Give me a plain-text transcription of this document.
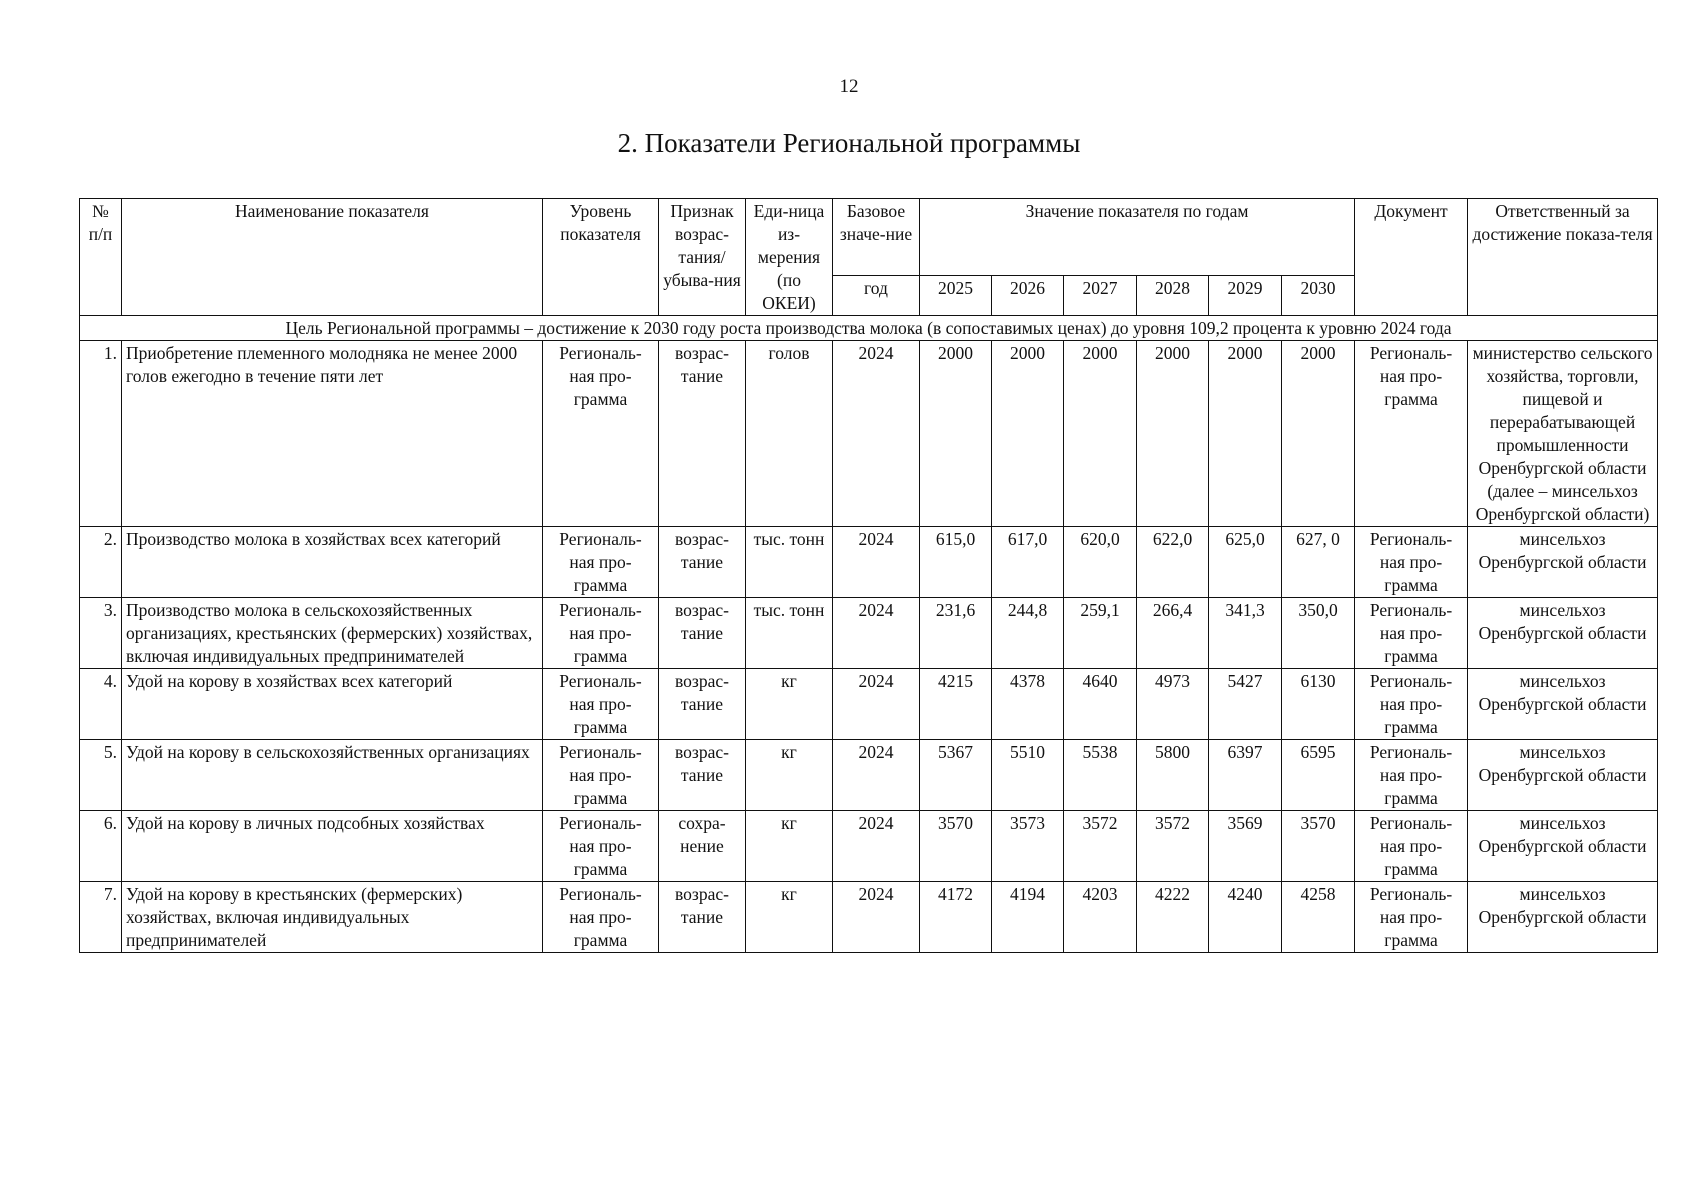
12
2. Показатели Региональной программы
№ п/п	Наименование показателя	Уровень показателя	Признак возрас-тания/ убыва-ния	Еди-ница из-мерения (по ОКЕИ)	Базовое значе-ние	Значение показателя по годам						Документ	Ответственный за достижение показа-теля
					год	2025	2026	2027	2028	2029	2030		
Цель Региональной программы – достижение к 2030 году роста производства молока (в сопоставимых ценах) до уровня 109,2 процента к уровню 2024 года													
1.	Приобретение племенного молодняка не менее 2000 голов ежегодно в течение пяти лет	Региональ-ная про-грамма	возрас-тание	голов	2024	2000	2000	2000	2000	2000	2000	Региональ-ная про-грамма	министерство сельского хозяйства, торговли, пищевой и перерабатывающей промышленности Оренбургской области (далее – минсельхоз Оренбургской области)
2.	Производство молока в хозяйствах всех категорий	Региональ-ная про-грамма	возрас-тание	тыс. тонн	2024	615,0	617,0	620,0	622,0	625,0	627, 0	Региональ-ная про-грамма	минсельхоз Оренбургской области
3.	Производство молока в сельскохозяйственных организациях, крестьянских (фермерских) хозяйствах, включая индивидуальных предпринимателей	Региональ-ная про-грамма	возрас-тание	тыс. тонн	2024	231,6	244,8	259,1	266,4	341,3	350,0	Региональ-ная про-грамма	минсельхоз Оренбургской области
4.	Удой на корову в хозяйствах всех категорий	Региональ-ная про-грамма	возрас-тание	кг	2024	4215	4378	4640	4973	5427	6130	Региональ-ная про-грамма	минсельхоз Оренбургской области
5.	Удой на корову в сельскохозяйственных организациях	Региональ-ная про-грамма	возрас-тание	кг	2024	5367	5510	5538	5800	6397	6595	Региональ-ная про-грамма	минсельхоз Оренбургской области
6.	Удой на корову в личных подсобных хозяйствах	Региональ-ная про-грамма	сохра-нение	кг	2024	3570	3573	3572	3572	3569	3570	Региональ-ная про-грамма	минсельхоз Оренбургской области
7.	Удой на корову в крестьянских (фермерских) хозяйствах, включая индивидуальных предпринимателей	Региональ-ная про-грамма	возрас-тание	кг	2024	4172	4194	4203	4222	4240	4258	Региональ-ная про-грамма	минсельхоз Оренбургской области
